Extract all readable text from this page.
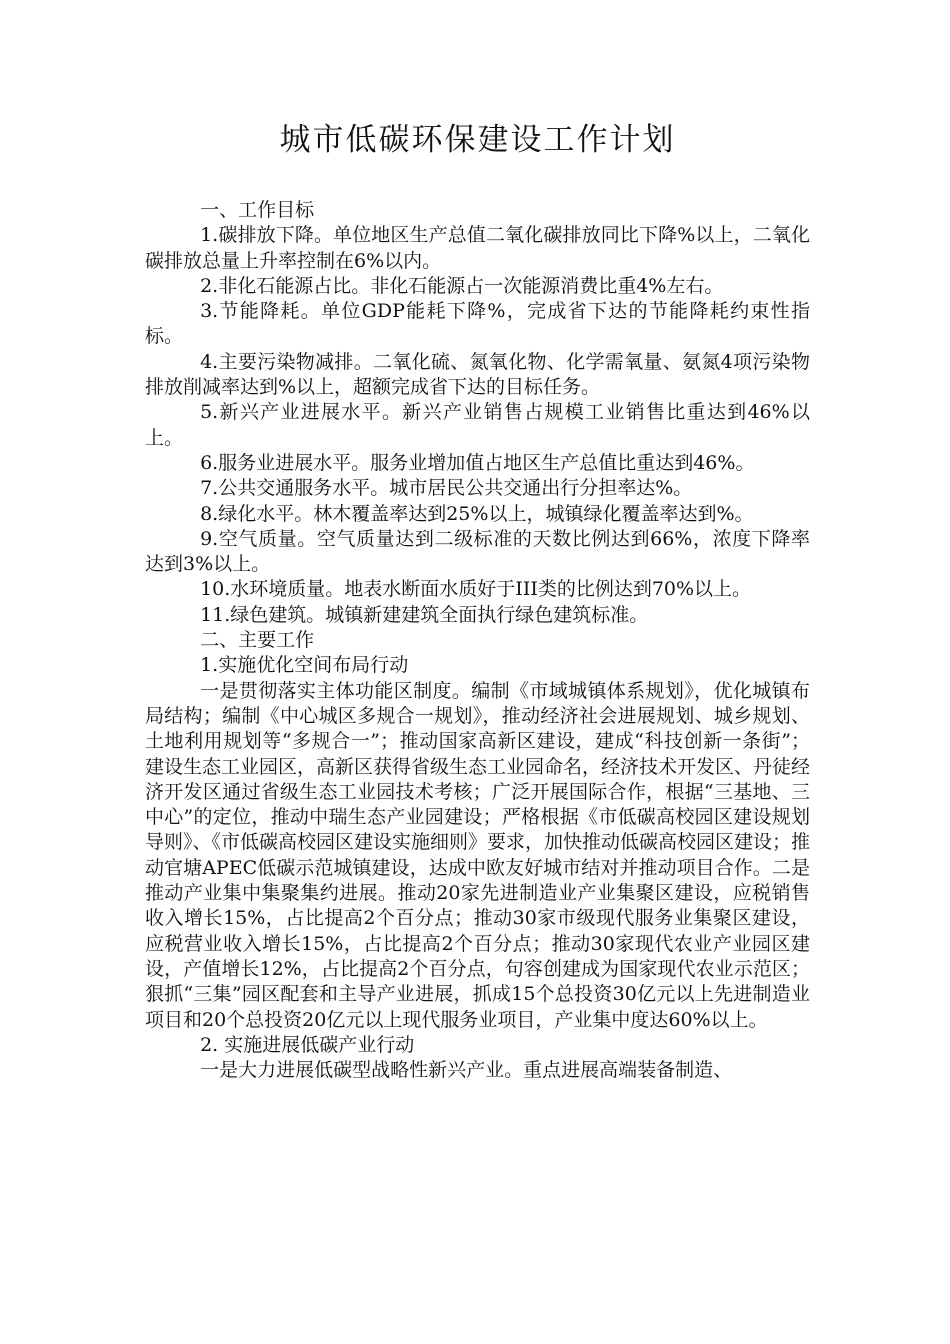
城市低碳环保建设工作计划

一、工作目标

1.碳排放下降。单位地区生产总值二氧化碳排放同比下降%以上，二氧化碳排放总量上升率控制在6%以内。

2.非化石能源占比。非化石能源占一次能源消费比重4%左右。

3.节能降耗。单位GDP能耗下降%，完成省下达的节能降耗约束性指标。

4.主要污染物减排。二氧化硫、氮氧化物、化学需氧量、氨氮4项污染物排放削减率达到%以上，超额完成省下达的目标任务。

5.新兴产业进展水平。新兴产业销售占规模工业销售比重达到46%以上。

6.服务业进展水平。服务业增加值占地区生产总值比重达到46%。

7.公共交通服务水平。城市居民公共交通出行分担率达%。

8.绿化水平。林木覆盖率达到25%以上，城镇绿化覆盖率达到%。

9.空气质量。空气质量达到二级标准的天数比例达到66%，浓度下降率达到3%以上。

10.水环境质量。地表水断面水质好于III类的比例达到70%以上。

11.绿色建筑。城镇新建建筑全面执行绿色建筑标准。

二、主要工作

1.实施优化空间布局行动

一是贯彻落实主体功能区制度。编制《市域城镇体系规划》，优化城镇布局结构；编制《中心城区多规合一规划》，推动经济社会进展规划、城乡规划、土地利用规划等“多规合一”；推动国家高新区建设，建成“科技创新一条街”；建设生态工业园区，高新区获得省级生态工业园命名，经济技术开发区、丹徒经济开发区通过省级生态工业园技术考核；广泛开展国际合作，根据“三基地、三中心”的定位，推动中瑞生态产业园建设；严格根据《市低碳高校园区建设规划导则》、《市低碳高校园区建设实施细则》要求，加快推动低碳高校园区建设；推动官塘APEC低碳示范城镇建设，达成中欧友好城市结对并推动项目合作。二是推动产业集中集聚集约进展。推动20家先进制造业产业集聚区建设，应税销售收入增长15%，占比提高2个百分点；推动30家市级现代服务业集聚区建设，应税营业收入增长15%，占比提高2个百分点；推动30家现代农业产业园区建设，产值增长12%，占比提高2个百分点，句容创建成为国家现代农业示范区；狠抓“三集”园区配套和主导产业进展，抓成15个总投资30亿元以上先进制造业项目和20个总投资20亿元以上现代服务业项目，产业集中度达60%以上。

2. 实施进展低碳产业行动

一是大力进展低碳型战略性新兴产业。重点进展高端装备制造、
